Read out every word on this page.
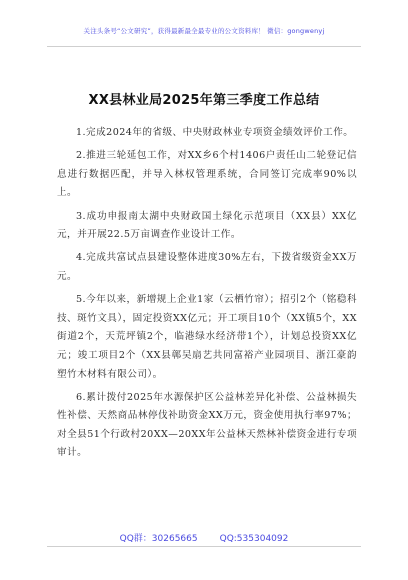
关注头条号“公文研究”，获得最新最全最专业的公文资料库！ 微信：gongwenyj
XX县林业局2025年第三季度工作总结

1.完成2024年的省级、中央财政林业专项资金绩效评价工作。

2.推进三轮延包工作，对XX乡6个村1406户责任山二轮登记信息进行数据匹配，并导入林权管理系统，合同签订完成率90%以上。

3.成功申报南太湖中央财政国土绿化示范项目（XX县）XX亿元，并开展22.5万亩调查作业设计工作。

4.完成共富试点县建设整体进度30%左右，下拨省级资金XX万元。

5.今年以来，新增规上企业1家（云栖竹帘）；招引2个（铭稳科技、斑竹文具），固定投资XX亿元；开工项目10个（XX镇5个，XX街道2个，天荒坪镇2个，临港绿水经济带1个），计划总投资XX亿元；竣工项目2个（XX县鄣吴扇艺共同富裕产业园项目、浙江豪韵塑竹木材料有限公司）。

6.累计拨付2025年水源保护区公益林差异化补偿、公益林损失性补偿、天然商品林停伐补助资金XX万元，资金使用执行率97%；对全县51个行政村20XX—20XX年公益林天然林补偿资金进行专项审计。

QQ群：30265665 QQ:535304092
